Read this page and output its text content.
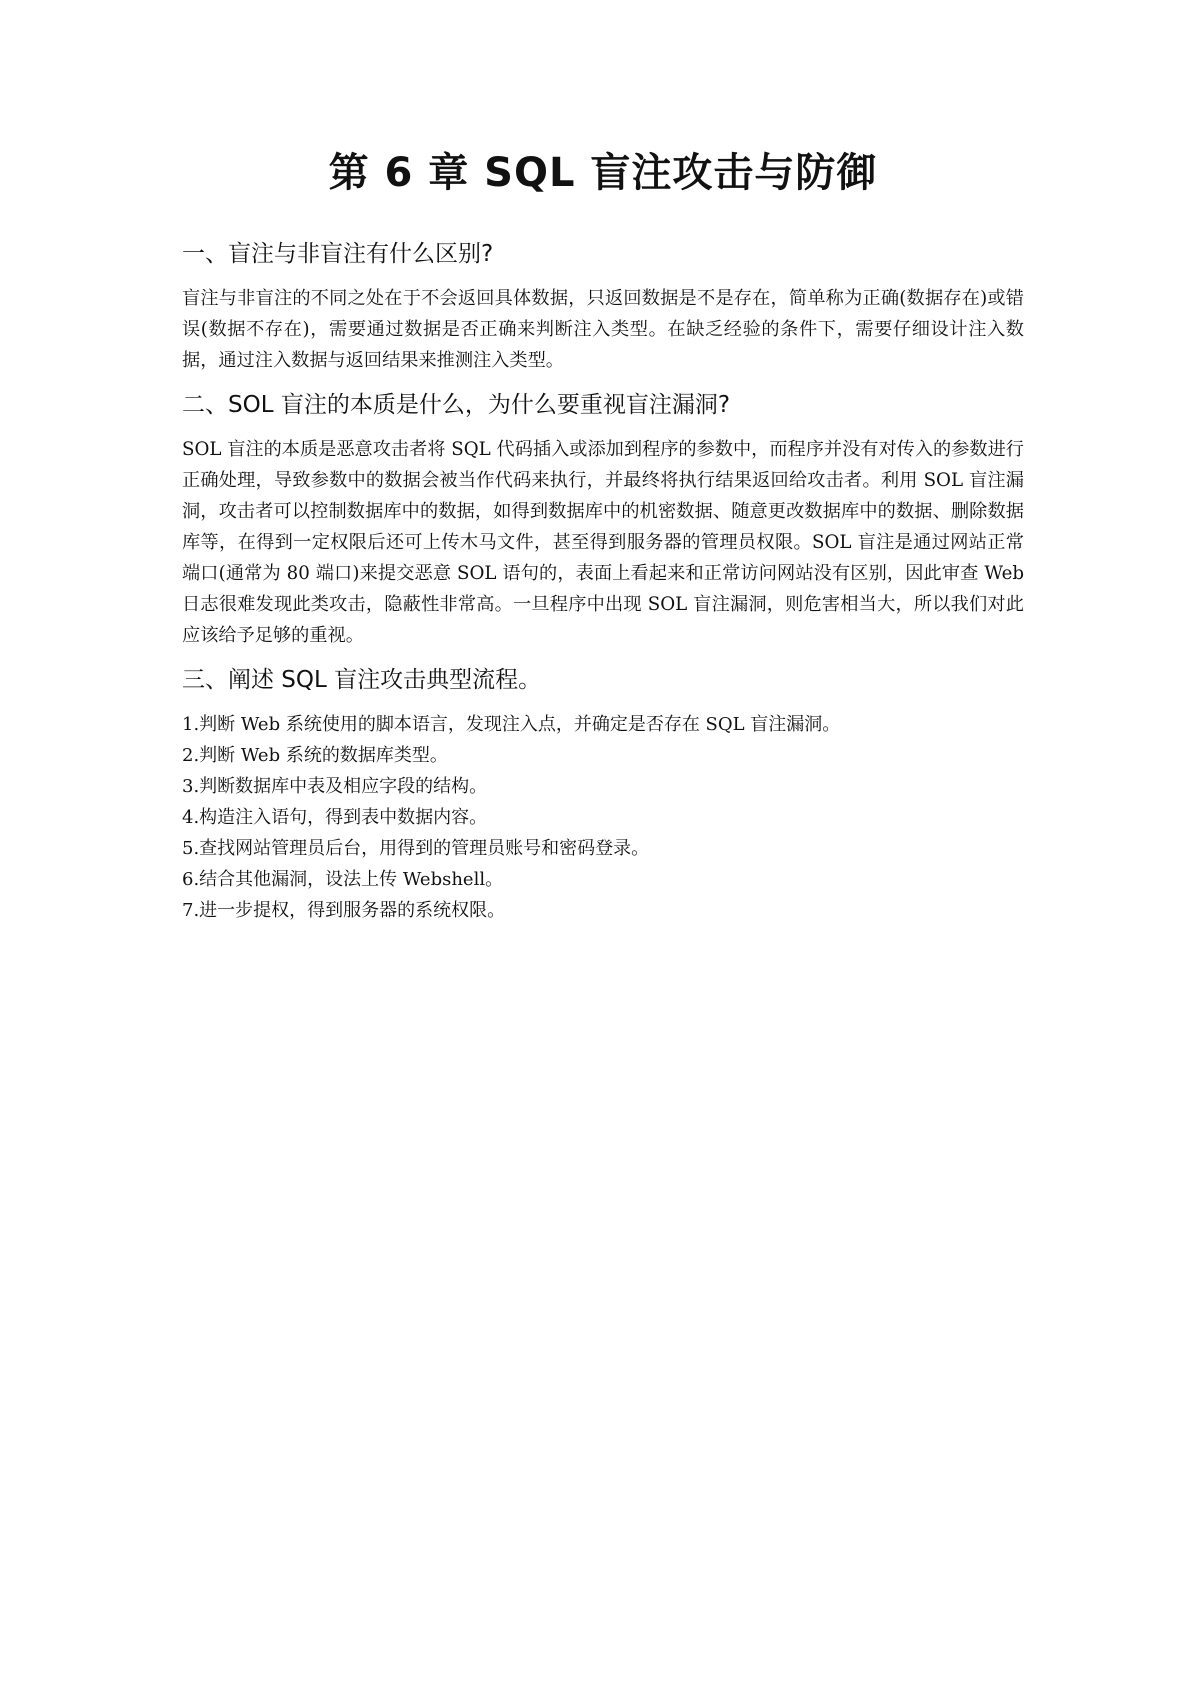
第 6 章 SQL 盲注攻击与防御
一、盲注与非盲注有什么区别?

盲注与非盲注的不同之处在于不会返回具体数据，只返回数据是不是存在，简单称为正确(数据存在)或错误(数据不存在)，需要通过数据是否正确来判断注入类型。在缺乏经验的条件下，需要仔细设计注入数据，通过注入数据与返回结果来推测注入类型。

二、SOL 盲注的本质是什么，为什么要重视盲注漏洞?

SOL 盲注的本质是恶意攻击者将 SQL 代码插入或添加到程序的参数中，而程序并没有对传入的参数进行正确处理，导致参数中的数据会被当作代码来执行，并最终将执行结果返回给攻击者。利用 SOL 盲注漏洞，攻击者可以控制数据库中的数据，如得到数据库中的机密数据、随意更改数据库中的数据、删除数据库等，在得到一定权限后还可上传木马文件，甚至得到服务器的管理员权限。SOL 盲注是通过网站正常端口(通常为 80 端口)来提交恶意 SOL 语句的，表面上看起来和正常访问网站没有区别，因此审查 Web 日志很难发现此类攻击，隐蔽性非常高。一旦程序中出现 SOL 盲注漏洞，则危害相当大，所以我们对此应该给予足够的重视。

三、阐述 SQL 盲注攻击典型流程。
1.判断 Web 系统使用的脚本语言，发现注入点，并确定是否存在 SQL 盲注漏洞。
2.判断 Web 系统的数据库类型。
3.判断数据库中表及相应字段的结构。
4.构造注入语句，得到表中数据内容。
5.查找网站管理员后台，用得到的管理员账号和密码登录。
6.结合其他漏洞，设法上传 Webshell。
7.进一步提权，得到服务器的系统权限。
